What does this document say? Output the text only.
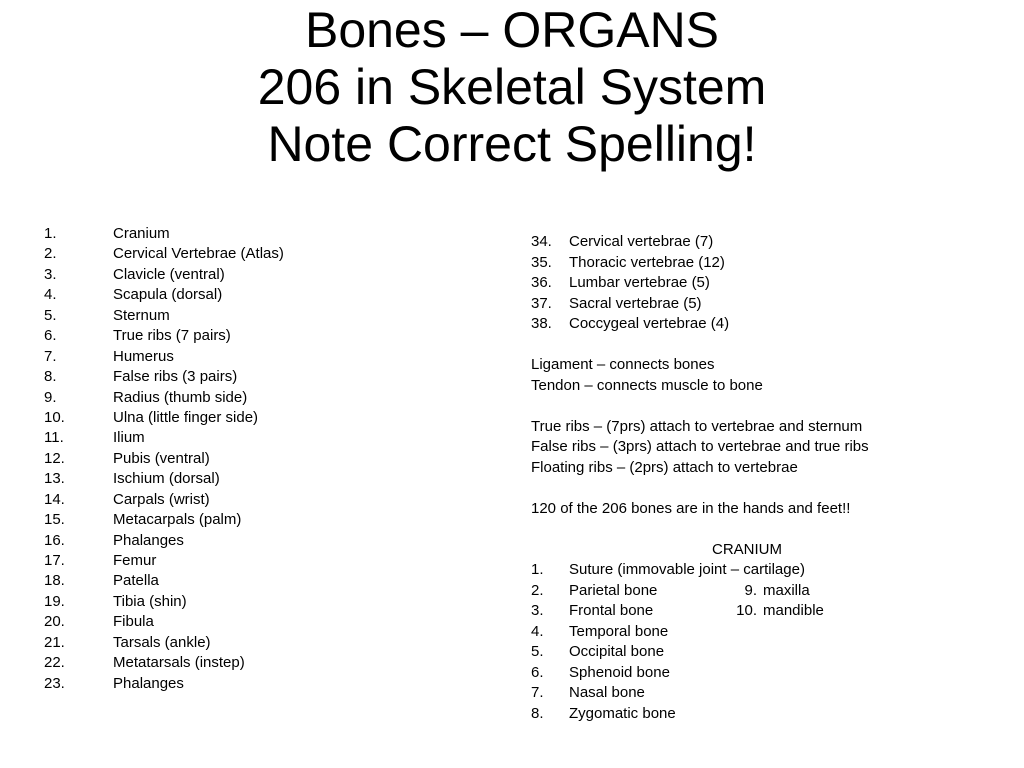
Bones – ORGANS
206 in Skeletal System
Note Correct Spelling!
1.	Cranium
2.	Cervical Vertebrae (Atlas)
3.	Clavicle (ventral)
4.	Scapula (dorsal)
5.	Sternum
6.	True ribs (7 pairs)
7.	Humerus
8.	False ribs (3 pairs)
9.	Radius (thumb side)
10.	Ulna (little finger side)
11.	Ilium
12.	Pubis (ventral)
13.	Ischium (dorsal)
14.	Carpals (wrist)
15.	Metacarpals (palm)
16.	Phalanges
17.	Femur
18.	Patella
19.	Tibia (shin)
20.	Fibula
21.	Tarsals (ankle)
22.	Metatarsals (instep)
23.	Phalanges
34. Cervical vertebrae (7)
35. Thoracic vertebrae (12)
36. Lumbar vertebrae (5)
37. Sacral vertebrae (5)
38. Coccygeal vertebrae (4)
Ligament – connects bones
Tendon – connects muscle to bone
True ribs – (7prs) attach to vertebrae and sternum
False ribs – (3prs) attach to vertebrae and true ribs
Floating ribs – (2prs) attach to vertebrae
120 of the 206 bones are in the hands and feet!!
CRANIUM
1. Suture (immovable joint – cartilage)
2. Parietal bone	9. maxilla
3. Frontal bone	10. mandible
4. Temporal bone
5. Occipital bone
6. Sphenoid bone
7. Nasal bone
8. Zygomatic bone
